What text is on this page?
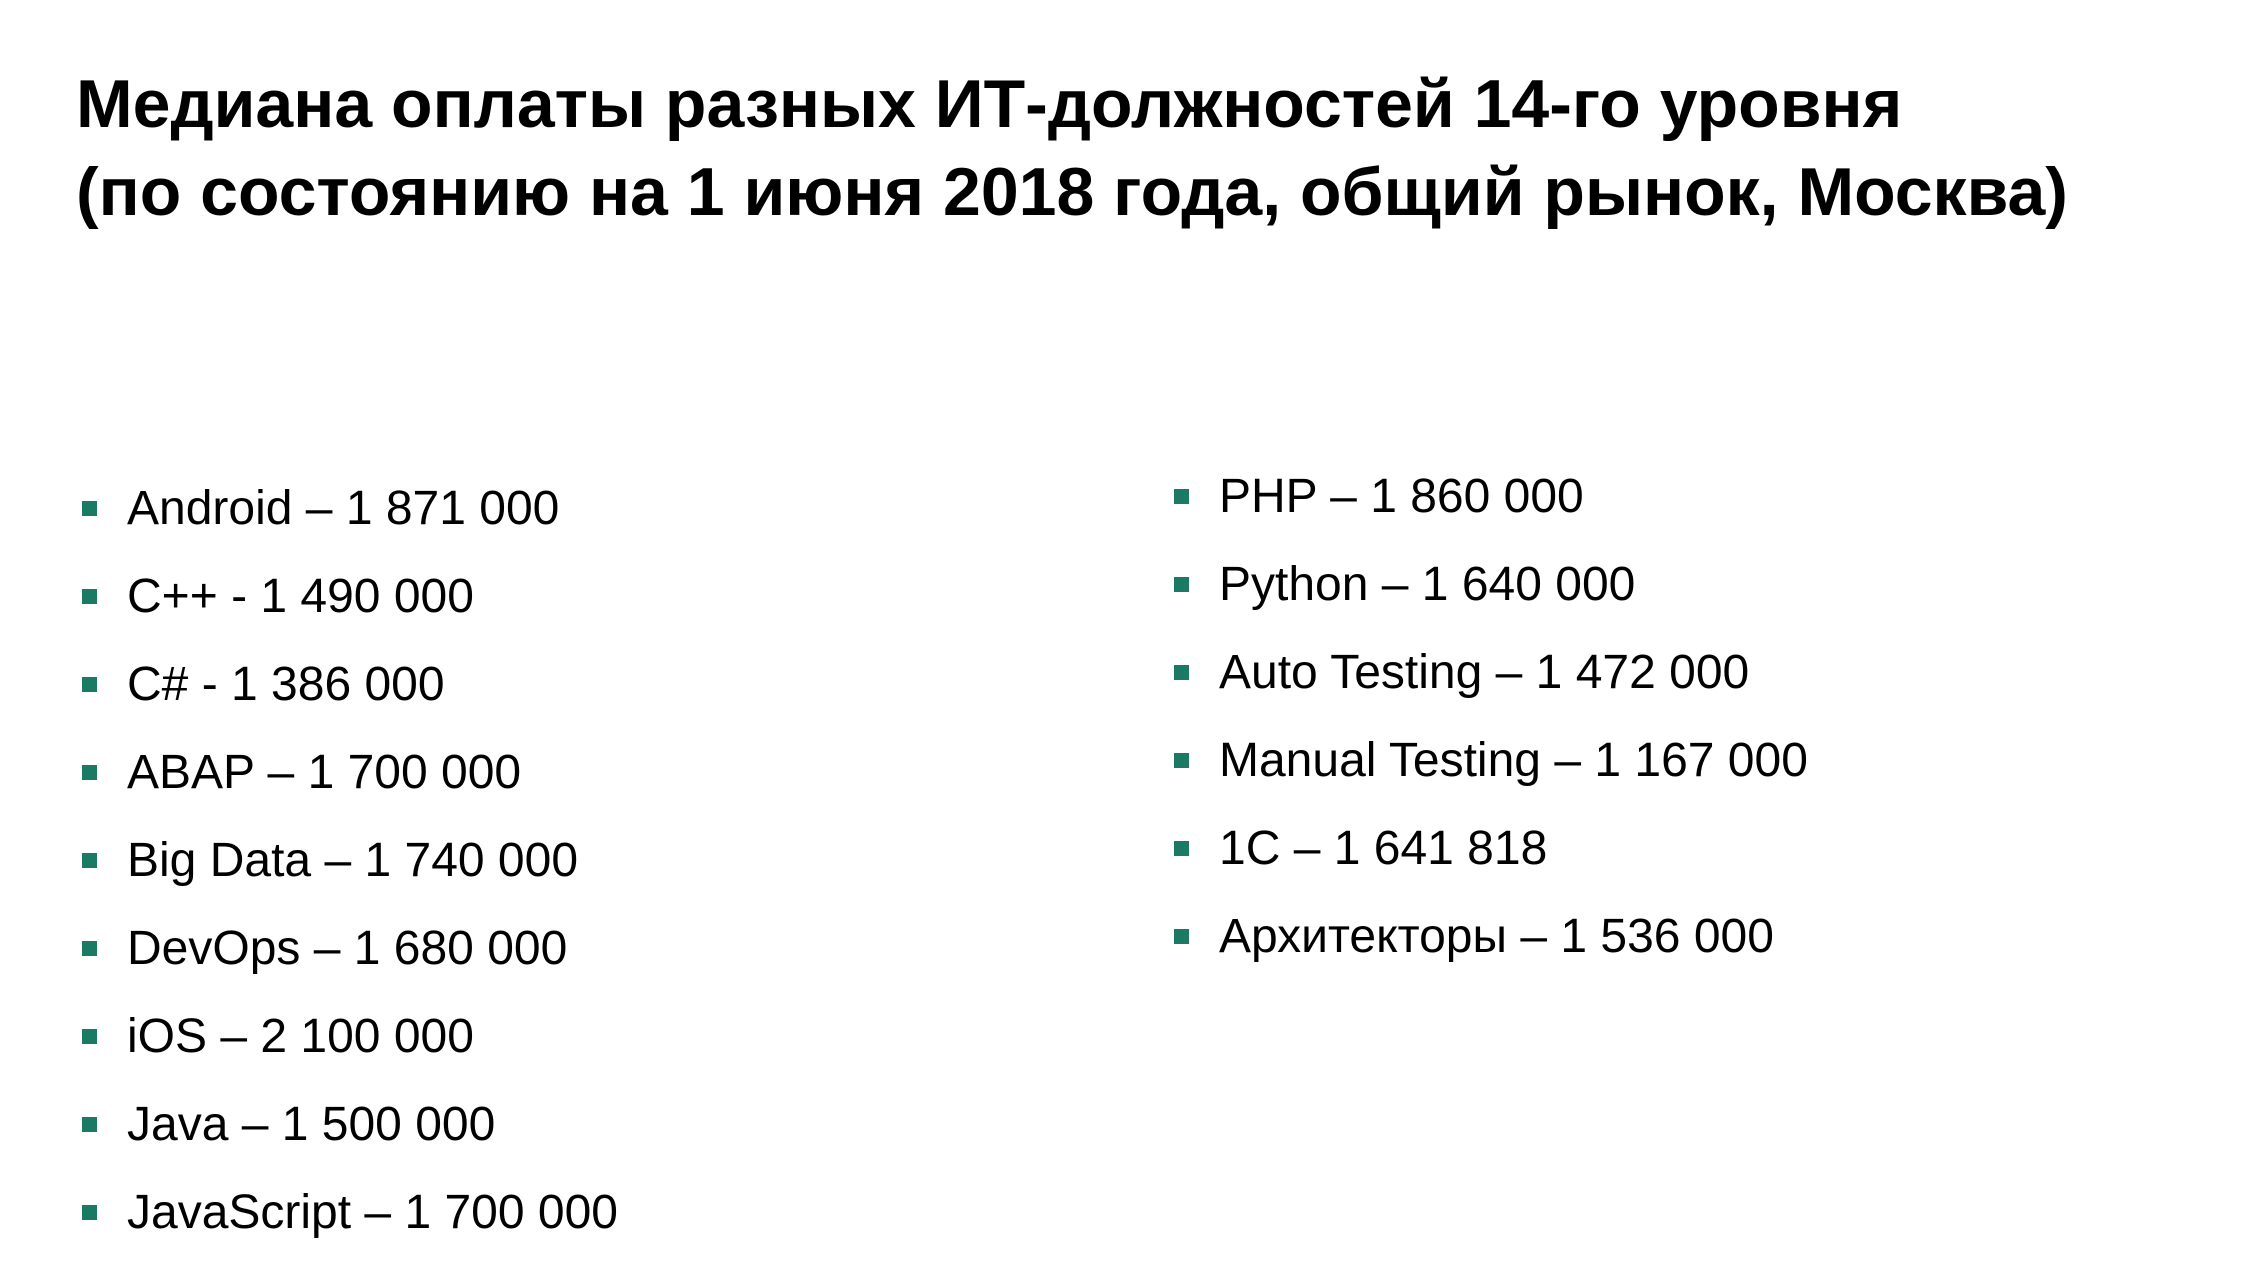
Медиана оплаты разных ИТ-должностей 14-го уровня
(по состоянию на 1 июня 2018 года, общий рынок, Москва)
Android – 1 871 000
C++ - 1 490 000
C# - 1 386 000
ABAP – 1 700 000
Big Data – 1 740 000
DevOps – 1 680 000
iOS – 2 100 000
Java – 1 500 000
JavaScript – 1 700 000
PHP – 1 860 000
Python – 1 640 000
Auto Testing – 1 472 000
Manual Testing – 1 167 000
1C – 1 641 818
Архитекторы – 1 536 000
